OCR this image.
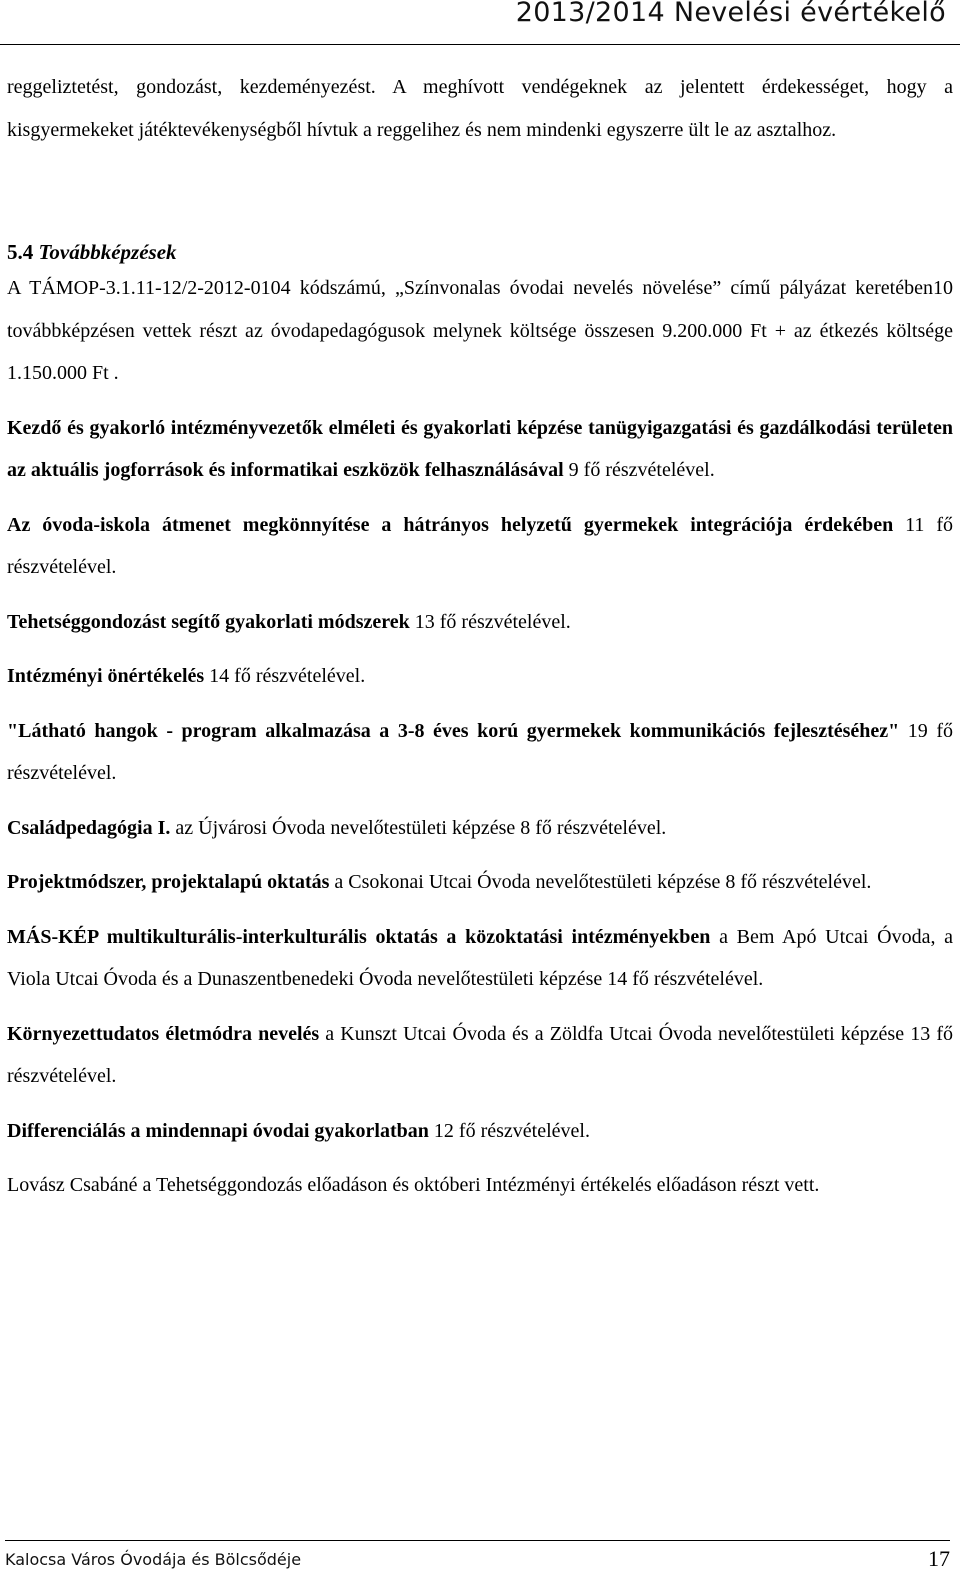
2013/2014 Nevelési évértékelő

reggeliztetést, gondozást, kezdeményezést. A meghívott vendégeknek az jelentett érdekességet, hogy a kisgyermekeket játéktevékenységből hívtuk a reggelihez és nem mindenki egyszerre ült le az asztalhoz.

5.4 Továbbképzések

A TÁMOP-3.1.11-12/2-2012-0104 kódszámú, „Színvonalas óvodai nevelés növelése” című pályázat keretében10 továbbképzésen vettek részt az óvodapedagógusok melynek költsége összesen 9.200.000 Ft + az étkezés költsége 1.150.000 Ft .

Kezdő és gyakorló intézményvezetők elméleti és gyakorlati képzése tanügyigazgatási és gazdálkodási területen az aktuális jogforrások és informatikai eszközök felhasználásával 9 fő részvételével.

Az óvoda-iskola átmenet megkönnyítése a hátrányos helyzetű gyermekek integrációja érdekében 11 fő részvételével.

Tehetséggondozást segítő gyakorlati módszerek 13 fő részvételével.

Intézményi önértékelés 14 fő részvételével.

"Látható hangok - program alkalmazása a 3-8 éves korú gyermekek kommunikációs fejlesztéséhez" 19 fő részvételével.

Családpedagógia I. az Újvárosi Óvoda nevelőtestületi képzése 8 fő részvételével.

Projektmódszer, projektalapú oktatás a Csokonai Utcai Óvoda nevelőtestületi képzése 8 fő részvételével.

MÁS-KÉP multikulturális-interkulturális oktatás a közoktatási intézményekben a Bem Apó Utcai Óvoda, a Viola Utcai Óvoda és a Dunaszentbenedeki Óvoda nevelőtestületi képzése 14 fő részvételével.

Környezettudatos életmódra nevelés a Kunszt Utcai Óvoda és a Zöldfa Utcai Óvoda nevelőtestületi képzése 13 fő részvételével.

Differenciálás a mindennapi óvodai gyakorlatban 12 fő részvételével.

Lovász Csabáné a Tehetséggondozás előadáson és októberi Intézményi értékelés előadáson részt vett.

Kalocsa Város Óvodája és Bölcsődéje	17
